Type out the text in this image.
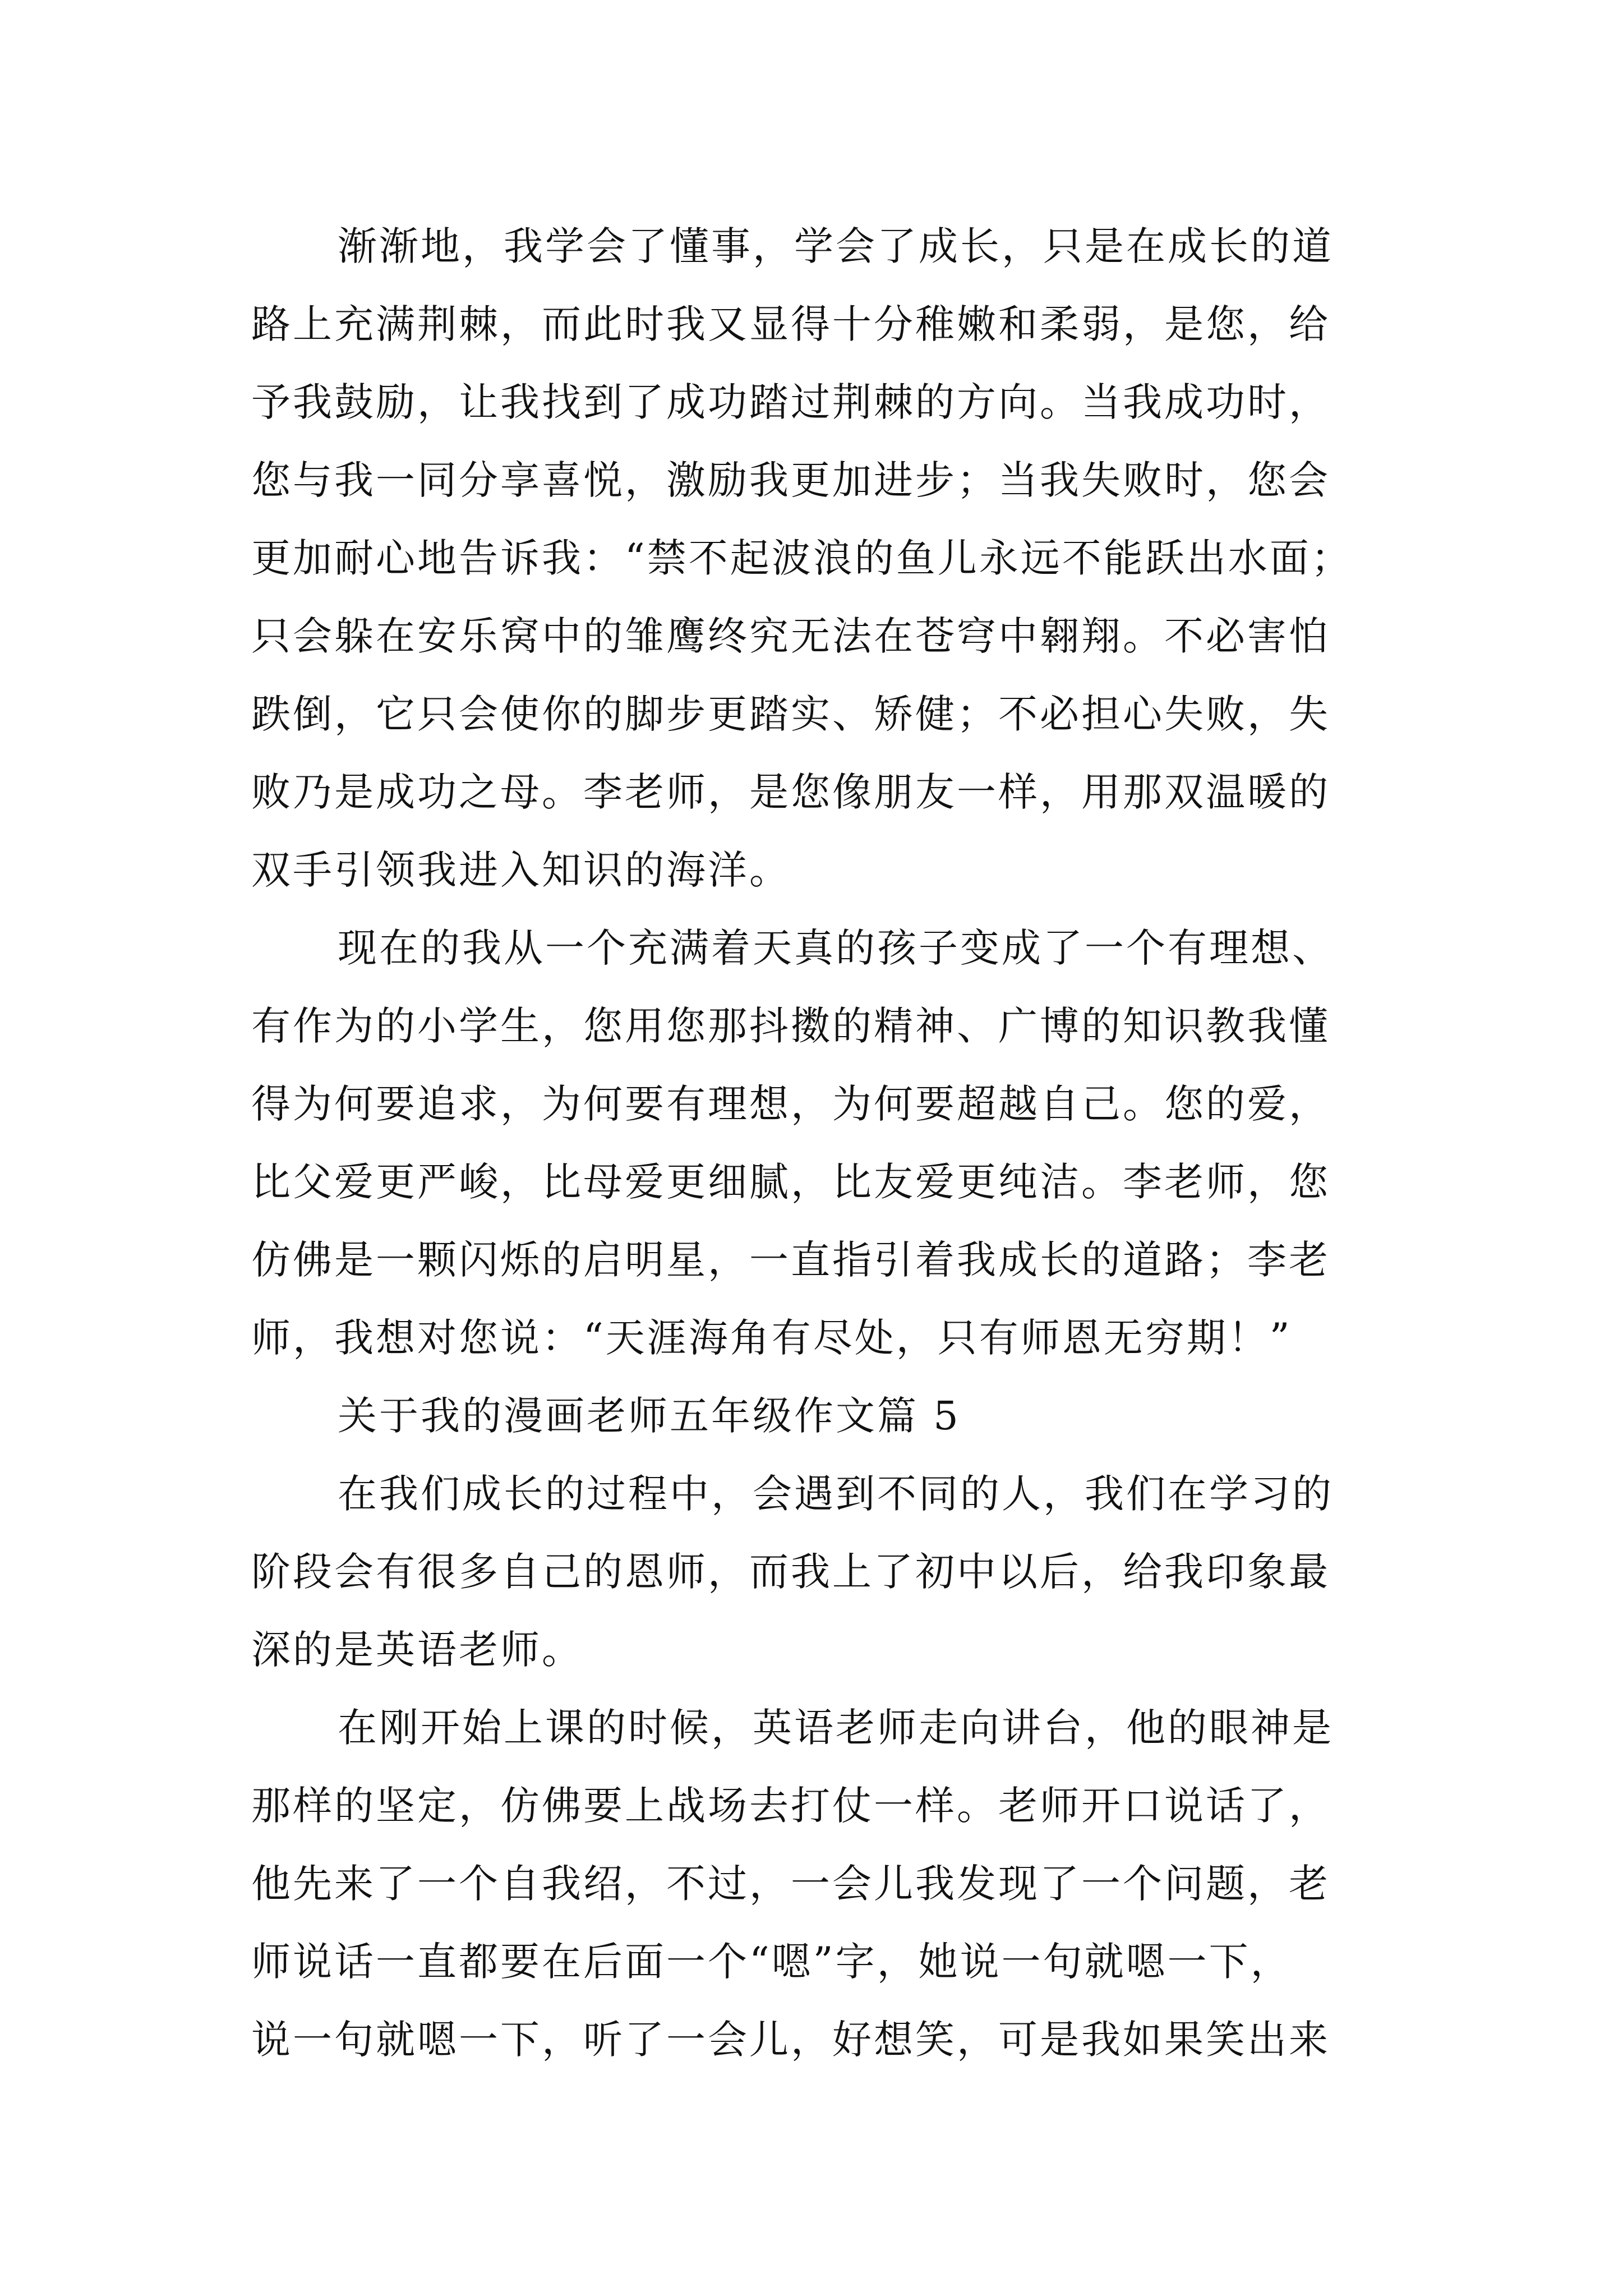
渐渐地，我学会了懂事，学会了成长，只是在成长的道
路上充满荆棘，而此时我又显得十分稚嫩和柔弱，是您，给
予我鼓励，让我找到了成功踏过荆棘的方向。当我成功时，
您与我一同分享喜悦，激励我更加进步；当我失败时，您会
更加耐心地告诉我：“禁不起波浪的鱼儿永远不能跃出水面；
只会躲在安乐窝中的雏鹰终究无法在苍穹中翱翔。不必害怕
跌倒，它只会使你的脚步更踏实、矫健；不必担心失败，失
败乃是成功之母。李老师，是您像朋友一样，用那双温暖的
双手引领我进入知识的海洋。
现在的我从一个充满着天真的孩子变成了一个有理想、
有作为的小学生，您用您那抖擞的精神、广博的知识教我懂
得为何要追求，为何要有理想，为何要超越自己。您的爱，
比父爱更严峻，比母爱更细腻，比友爱更纯洁。李老师，您
仿佛是一颗闪烁的启明星，一直指引着我成长的道路；李老
师，我想对您说：“天涯海角有尽处，只有师恩无穷期！”
关于我的漫画老师五年级作文篇 5
在我们成长的过程中，会遇到不同的人，我们在学习的
阶段会有很多自己的恩师，而我上了初中以后，给我印象最
深的是英语老师。
在刚开始上课的时候，英语老师走向讲台，他的眼神是
那样的坚定，仿佛要上战场去打仗一样。老师开口说话了，
他先来了一个自我绍，不过，一会儿我发现了一个问题，老
师说话一直都要在后面一个“嗯”字，她说一句就嗯一下，
说一句就嗯一下，听了一会儿，好想笑，可是我如果笑出来
